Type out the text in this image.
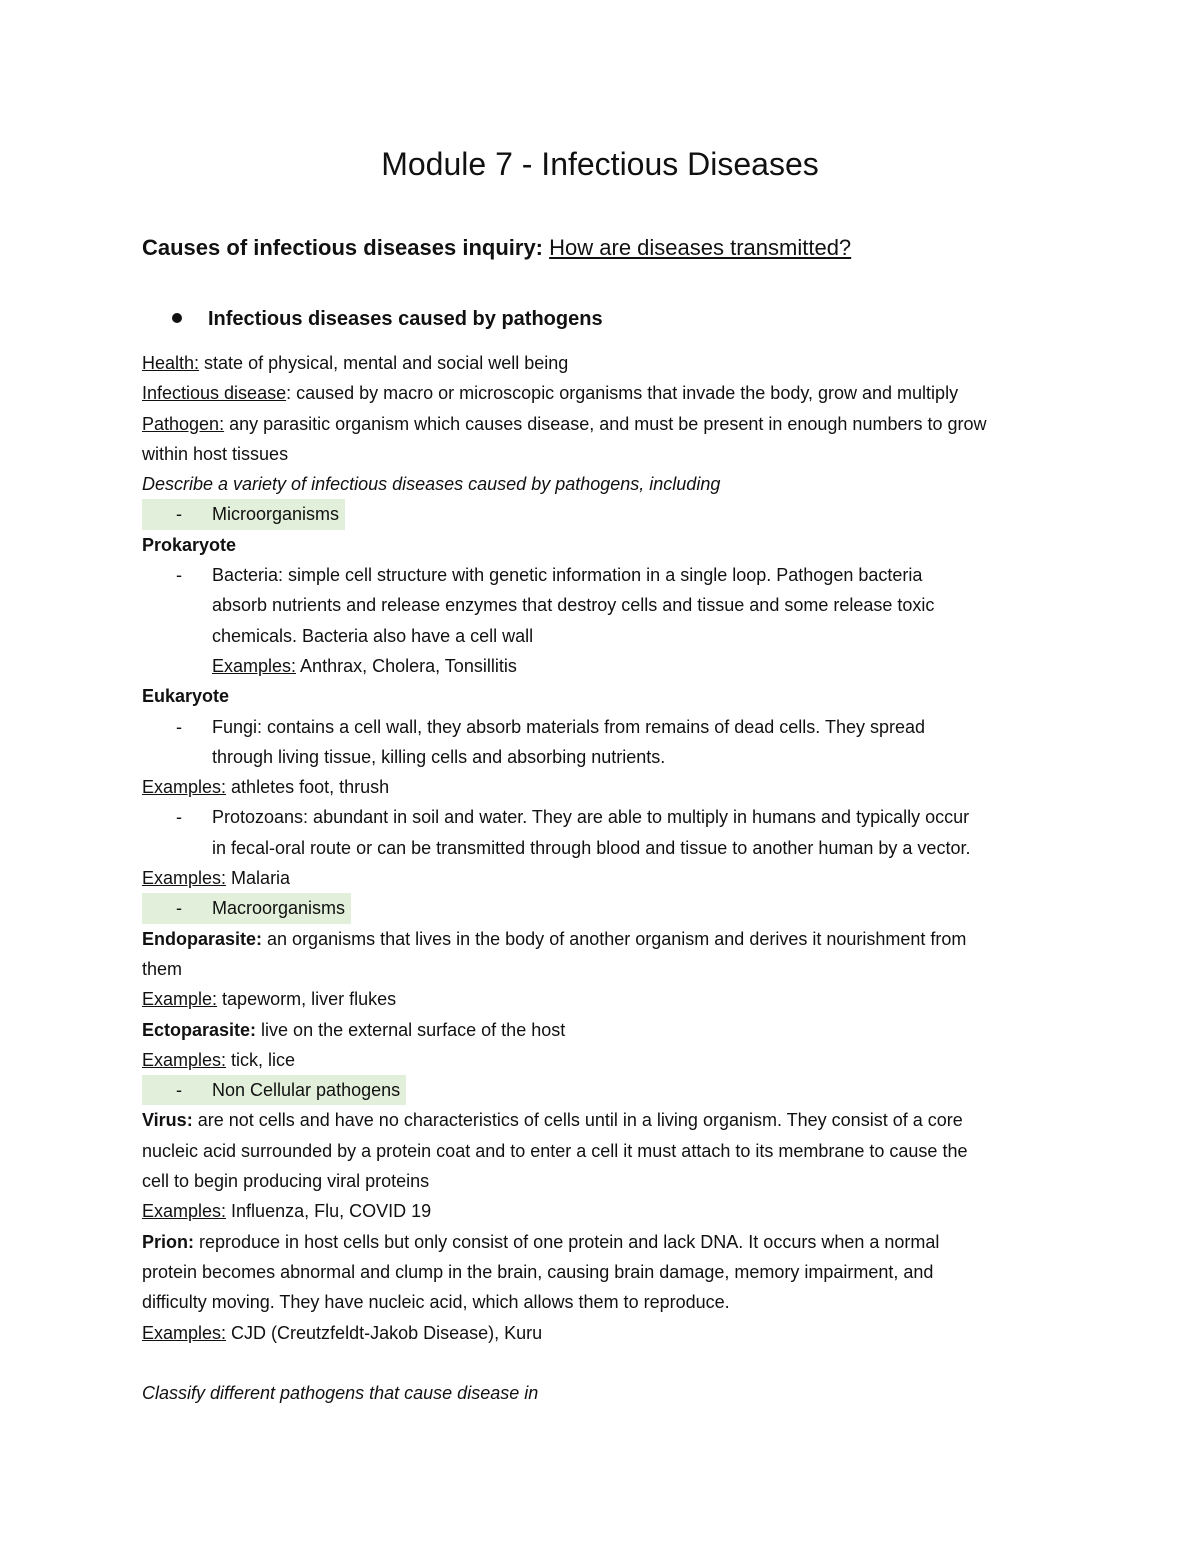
Module 7 - Infectious Diseases
Causes of infectious diseases inquiry: How are diseases transmitted?
Infectious diseases caused by pathogens

Health: state of physical, mental and social well being

Infectious disease: caused by macro or microscopic organisms that invade the body, grow and multiply

Pathogen: any parasitic organism which causes disease, and must be present in enough numbers to grow

within host tissues

Describe a variety of infectious diseases caused by pathogens, including

- Microorganisms

Prokaryote

- Bacteria: simple cell structure with genetic information in a single loop. Pathogen bacteria

absorb nutrients and release enzymes that destroy cells and tissue and some release toxic

chemicals. Bacteria also have a cell wall

Examples: Anthrax, Cholera, Tonsillitis

Eukaryote

- Fungi: contains a cell wall, they absorb materials from remains of dead cells. They spread

through living tissue, killing cells and absorbing nutrients.

Examples: athletes foot, thrush

- Protozoans: abundant in soil and water. They are able to multiply in humans and typically occur

in fecal-oral route or can be transmitted through blood and tissue to another human by a vector.

Examples: Malaria

- Macroorganisms

Endoparasite: an organisms that lives in the body of another organism and derives it nourishment from

them

Example: tapeworm, liver flukes

Ectoparasite: live on the external surface of the host

Examples: tick, lice

- Non Cellular pathogens

Virus: are not cells and have no characteristics of cells until in a living organism. They consist of a core

nucleic acid surrounded by a protein coat and to enter a cell it must attach to its membrane to cause the

cell to begin producing viral proteins

Examples: Influenza, Flu, COVID 19

Prion: reproduce in host cells but only consist of one protein and lack DNA. It occurs when a normal

protein becomes abnormal and clump in the brain, causing brain damage, memory impairment, and

difficulty moving. They have nucleic acid, which allows them to reproduce.

Examples: CJD (Creutzfeldt-Jakob Disease), Kuru

Classify different pathogens that cause disease in
